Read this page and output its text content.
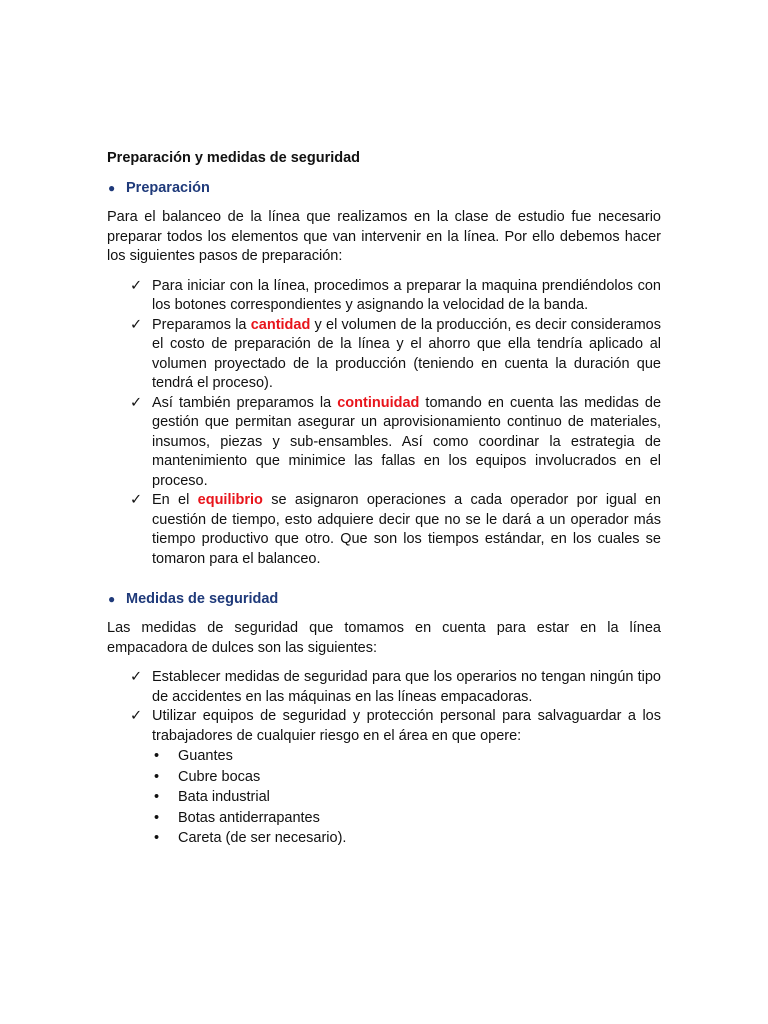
Preparación y medidas de seguridad
● Preparación

Para el balanceo de la línea que realizamos en la clase de estudio fue necesario preparar todos los elementos que van intervenir en la línea. Por ello debemos hacer los siguientes pasos de preparación:

✓ Para iniciar con la línea, procedimos a preparar la maquina prendiéndolos con los botones correspondientes y asignando la velocidad de la banda.
✓ Preparamos la cantidad y el volumen de la producción, es decir consideramos el costo de preparación de la línea y el ahorro que ella tendría aplicado al volumen proyectado de la producción (teniendo en cuenta la duración que tendrá el proceso).
✓ Así también preparamos la continuidad tomando en cuenta las medidas de gestión que permitan asegurar un aprovisionamiento continuo de materiales, insumos, piezas y sub-ensambles. Así como coordinar la estrategia de mantenimiento que minimice las fallas en los equipos involucrados en el proceso.
✓ En el equilibrio se asignaron operaciones a cada operador por igual en cuestión de tiempo, esto adquiere decir que no se le dará a un operador más tiempo productivo que otro. Que son los tiempos estándar, en los cuales se tomaron para el balanceo.
● Medidas de seguridad

Las medidas de seguridad que tomamos en cuenta para estar en la línea empacadora de dulces son las siguientes:

✓ Establecer medidas de seguridad para que los operarios no tengan ningún tipo de accidentes en las máquinas en las líneas empacadoras.
✓ Utilizar equipos de seguridad y protección personal para salvaguardar a los trabajadores de cualquier riesgo en el área en que opere:
•	Guantes
•	Cubre bocas
•	Bata industrial
•	Botas antiderrapantes
•	Careta (de ser necesario).
